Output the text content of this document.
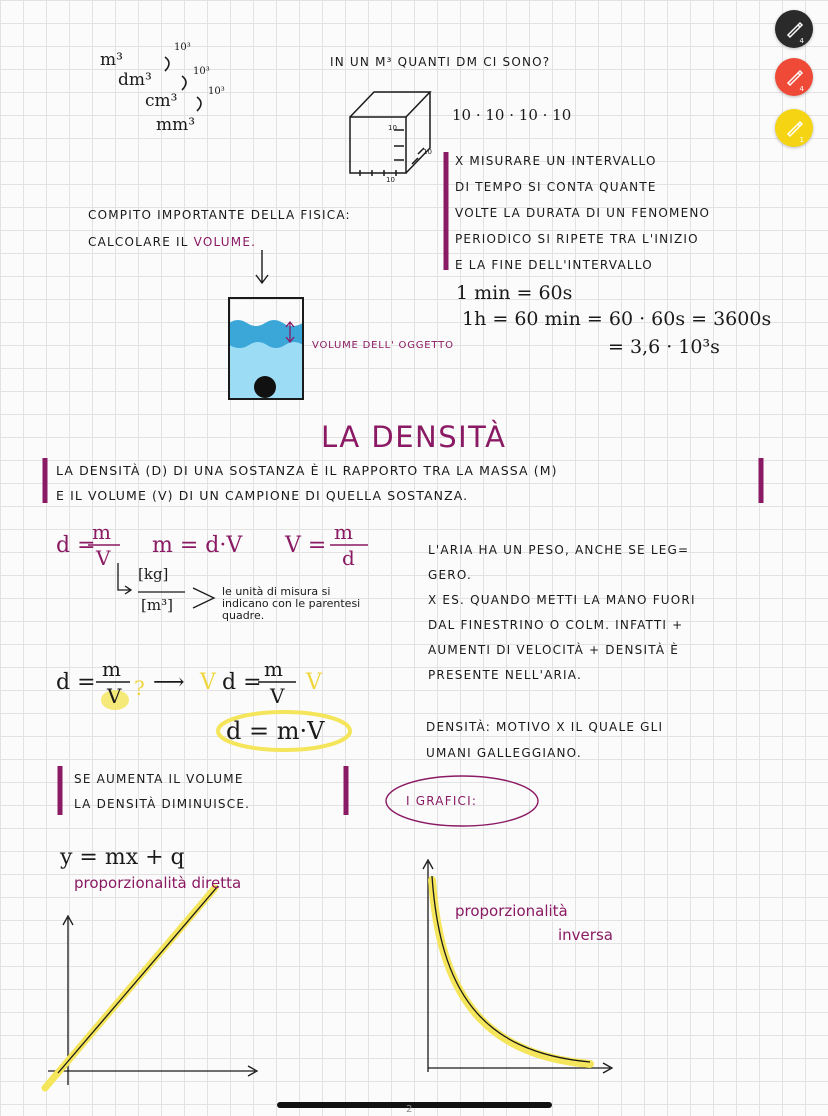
m³
10³
dm³	10³
cm³	10³
mm³
IN UN M³ QUANTI DM CI SONO?
10
10
10
10 · 10 · 10 · 10
X MISURARE UN INTERVALLO
DI TEMPO SI CONTA QUANTE
VOLTE LA DURATA DI UN FENOMENO
PERIODICO SI RIPETE TRA L'INIZIO
E LA FINE DELL'INTERVALLO
1 min = 60s
1h = 60 min = 60 · 60s = 3600s
= 3,6 · 10³s
COMPITO IMPORTANTE DELLA FISICA:
CALCOLARE IL VOLUME.
VOLUME DELL' OGGETTO
LA DENSITÀ
LA DENSITÀ (D) DI UNA SOSTANZA È IL RAPPORTO TRA LA MASSA (M)
E IL VOLUME (V) DI UN CAMPIONE DI QUELLA SOSTANZA.
d =
m
V m = d·V V =
m
d
[kg]
[m³]
le unità di misura si
indicano con le parentesi
quadre.
L'ARIA HA UN PESO, ANCHE SE LEG=
GERO.
X ES. QUANDO METTI LA MANO FUORI
DAL FINESTRINO O COLM. INFATTI +
AUMENTI DI VELOCITÀ + DENSITÀ È
PRESENTE NELL'ARIA.
d =
m
V ? ⟶ V d =
m
V
V
d = m·V	DENSITÀ: MOTIVO X IL QUALE GLI
UMANI GALLEGGIANO.
SE AUMENTA IL VOLUME
LA DENSITÀ DIMINUISCE.	I GRAFICI:
y = mx + q
proporzionalità diretta
proporzionalità
inversa
4
4
1
2
